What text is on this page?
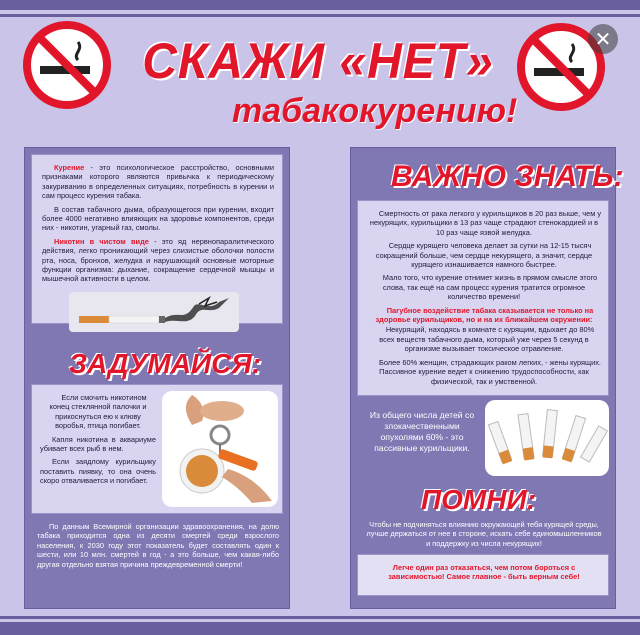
✕
СКАЖИ «НЕТ»
табакокурению!

Курение - это психологическое расстройство, основными признаками которого являются привычка к периодическому закуриванию в определенных ситуациях, потребность в курении и сам процесс курения табака.

В состав табачного дыма, образующегося при курении, входит более 4000 негативно влияющих на здоровье компонентов, среди них - никотин, угарный газ, смолы.

Никотин в чистом виде - это яд нервнопаралитического действия, легко проникающий через слизистые оболочки полости рта, носа, бронхов, желудка и нарушающий основные моторные функции организма: дыхание, сокращение сердечной мышцы и мышечной активности в целом.

ЗАДУМАЙСЯ:

Если смочить никотином конец стеклянной палочки и прикоснуться ею к клюву воробья, птица погибает.

Капля никотина в аквариуме убивает всех рыб в нем.

Если заядлому курильщику поставить пиявку, то она очень скоро отваливается и погибает.

По данным Всемирной организации здравоохранения, на долю табака приходится одна из десяти смертей среди взрослого населения, к 2030 году этот показатель будет составлять один к шести, или 10 млн. смертей в год - а это больше, чем какая-либо другая отдельно взятая причина преждевременной смерти!

ВАЖНО ЗНАТЬ:

Смертность от рака легкого у курильщиков в 20 раз выше, чем у некурящих, курильщики в 13 раз чаще страдают стенокардией и в 10 раз чаще язвой желудка.

Сердце курящего человека делает за сутки на 12-15 тысяч сокращений больше, чем сердце некурящего, а значит, сердце курящего изнашивается намного быстрее.

Мало того, что курение отнимет жизнь в прямом смысле этого слова, так ещё на сам процесс курения тратится огромное количество времени!

Пагубное воздействие табака сказывается не только на здоровье курильщиков, но и на их ближайшем окружении:

Некурящий, находясь в комнате с курящим, вдыхает до 80% всех веществ табачного дыма, который уже через 5 секунд в организме вызывает токсическое отравление.

Более 60% женщин, страдающих раком легких, - жены курящих. Пассивное курение ведет к снижению трудоспособности, как физической, так и умственной.

Из общего числа детей со злокачественными опухолями 60% - это пассивные курильщики.

ПОМНИ:

Чтобы не подчиняться влиянию окружающей тебя курящей среды, лучше держаться от нее в стороне, искать себе единомышленников и поддержку из числа некурящих!

Легче один раз отказаться, чем потом бороться с зависимостью! Самое главное - быть верным себе!
